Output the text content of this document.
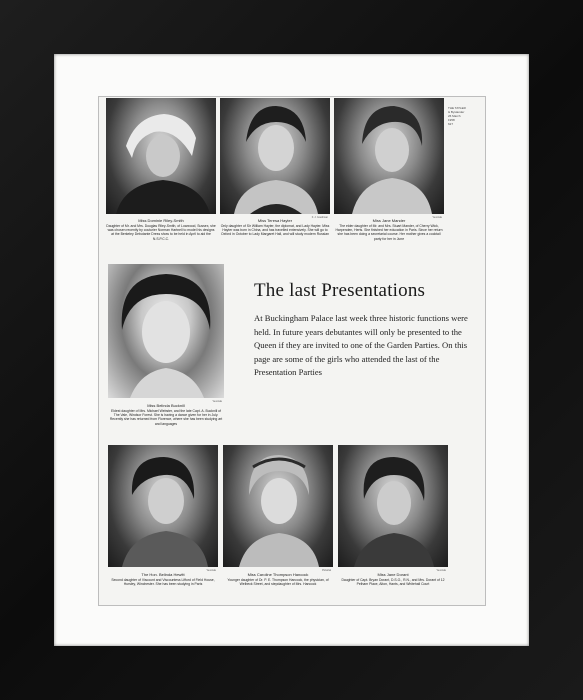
THE TATLER
& Bystander
26 March
1958
627
F. J. Goodman	Yevonde
Miss Dominie Riley-Smith
Daughter of Mr. and Mrs. Douglas Riley-Smith, of Lowwood, Sussex, she was chosen recently by couturier Norman Hartnell to model his designs at the Berkeley Debutante Dress show to be held in April to aid the N.S.P.C.C.
Miss Teresa Hayter
Only daughter of Sir William Hayter, the diplomat, and Lady Hayter. Miss Hayter was born in China, and has travelled extensively. She will go to Oxford in October to Lady Margaret Hall, and will study modern Russian
Miss Jane Mander
The elder daughter of Mr. and Mrs. Stuart Mander, of Cherry Wick, Harpenden, Herts. She finished her education in Paris. Since her return she has been doing a secretarial course. Her mother gives a cocktail party for her in June
Yevonde
Miss Belinda Bucknill
Eldest daughter of Mrs. Michael Webster, and the late Capt. A. Bucknill of The Vale, Windsor Forest. She is having a dance given for her in July. Recently she has returned from Florence, where she has been studying art and languages
The last Presentations
At Buckingham Palace last week three historic functions were held. In future years debutantes will only be presented to the Queen if they are invited to one of the Garden Parties. On this page are some of the girls who attended the last of the Presentation Parties
Yevonde	Pictorial	Yevonde
The Hon. Belinda Hewitt
Second daughter of Viscount and Viscountess Lifford of Field House, Hursley, Winchester. She has been studying in Paris
Miss Caroline Thompson Hancock
Younger daughter of Dr. P. E. Thompson Hancock, the physician, of Welbeck Street, and stepdaughter of Mrs. Hancock
Miss Jane Dorant
Daughter of Capt. Bryan Dorant, D.S.O., R.N., and Mrs. Dorant of 12 Pelham Place, Alton, Hants, and Whitehall Court
